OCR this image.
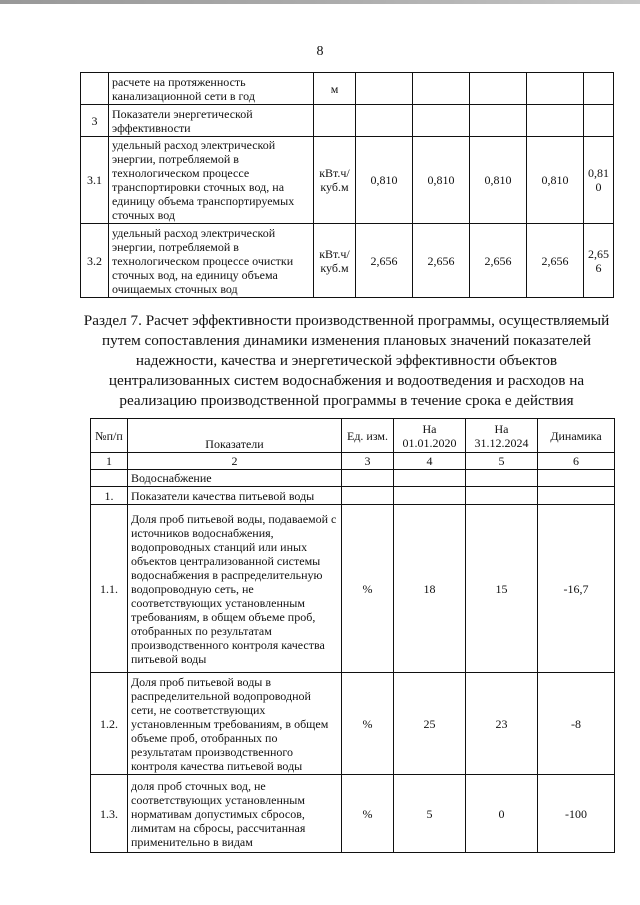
8
	расчете на протяженность канализационной сети в год	м					
3	Показатели энергетической эффективности						
3.1	удельный расход электрической энергии, потребляемой в технологическом процессе транспортировки сточных вод, на единицу объема транспортируемых сточных вод	кВт.ч/куб.м	0,810	0,810	0,810	0,810	0,810
3.2	удельный расход электрической энергии, потребляемой в технологическом процессе очистки сточных вод, на единицу объема очищаемых сточных вод	кВт.ч/куб.м	2,656	2,656	2,656	2,656	2,656
Раздел 7. Расчет эффективности производственной программы, осуществляемый путем сопоставления динамики изменения плановых значений показателей надежности, качества и энергетической эффективности объектов централизованных систем водоснабжения и водоотведения и расходов на реализацию производственной программы в течение срока е действия
№п/п	Показатели	Ед. изм.	На 01.01.2020	На 31.12.2024	Динамика
1	2	3	4	5	6
	Водоснабжение				
1.	Показатели качества питьевой воды				
1.1.	Доля проб питьевой воды, подаваемой с источников водоснабжения, водопроводных станций или иных объектов централизованной системы водоснабжения в распределительную водопроводную сеть, не соответствующих установленным требованиям, в общем объеме проб, отобранных по результатам производственного контроля качества питьевой воды	%	18	15	-16,7
1.2.	Доля проб питьевой воды в распределительной водопроводной сети, не соответствующих установленным требованиям, в общем объеме проб, отобранных по результатам производственного контроля качества питьевой воды	%	25	23	-8
1.3.	доля проб сточных вод, не соответствующих установленным нормативам допустимых сбросов, лимитам на сбросы, рассчитанная применительно в видам	%	5	0	-100
